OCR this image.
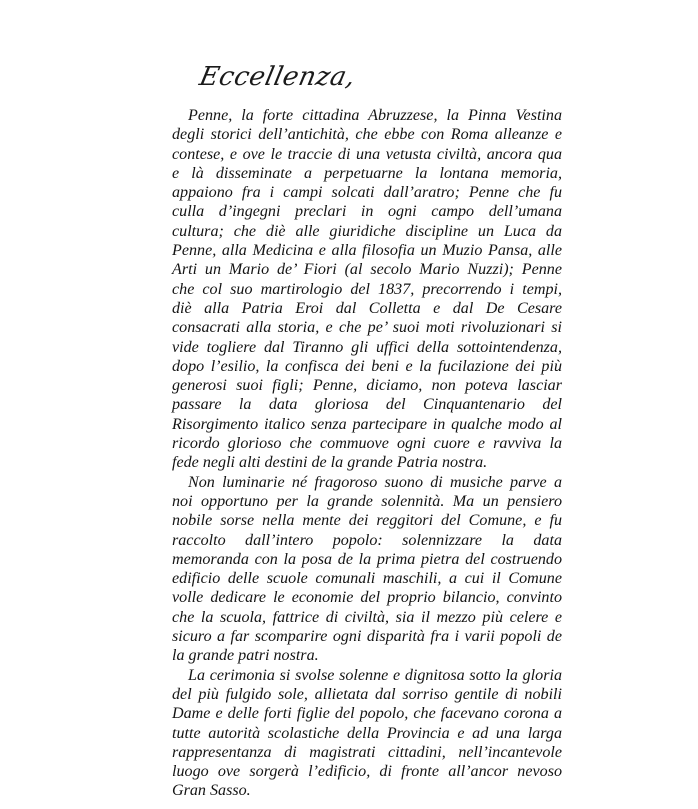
Eccellenza,

Penne, la forte cittadina Abruzzese, la Pinna Vestina
degli storici dell’antichità, che ebbe con Roma alleanze e
contese, e ove le traccie di una vetusta civiltà, ancora qua
e là disseminate a perpetuarne la lontana memoria,
appaiono fra i campi solcati dall’aratro; Penne che fu
culla d’ingegni preclari in ogni campo dell’umana
cultura; che diè alle giuridiche discipline un Luca da
Penne, alla Medicina e alla filosofia un Muzio Pansa, alle
Arti un Mario de’ Fiori (al secolo Mario Nuzzi); Penne
che col suo martirologio del 1837, precorrendo i tempi,
diè alla Patria Eroi dal Colletta e dal De Cesare
consacrati alla storia, e che pe’ suoi moti rivoluzionari si
vide togliere dal Tiranno gli uffici della sottointendenza,
dopo l’esilio, la confisca dei beni e la fucilazione dei più
generosi suoi figli; Penne, diciamo, non poteva lasciar
passare la data gloriosa del Cinquantenario del
Risorgimento italico senza partecipare in qualche modo al
ricordo glorioso che commuove ogni cuore e ravviva la
fede negli alti destini de la grande Patria nostra.
Non luminarie né fragoroso suono di musiche parve a
noi opportuno per la grande solennità. Ma un pensiero
nobile sorse nella mente dei reggitori del Comune, e fu
raccolto dall’intero popolo: solennizzare la data
memoranda con la posa de la prima pietra del costruendo
edificio delle scuole comunali maschili, a cui il Comune
volle dedicare le economie del proprio bilancio, convinto
che la scuola, fattrice di civiltà, sia il mezzo più celere e
sicuro a far scomparire ogni disparità fra i varii popoli de
la grande patri nostra.
La cerimonia si svolse solenne e dignitosa sotto la gloria
del più fulgido sole, allietata dal sorriso gentile di nobili
Dame e delle forti figlie del popolo, che facevano corona a
tutte autorità scolastiche della Provincia e ad una larga
rappresentanza di magistrati cittadini, nell’incantevole
luogo ove sorgerà l’edificio, di fronte all’ancor nevoso
Gran Sasso.
